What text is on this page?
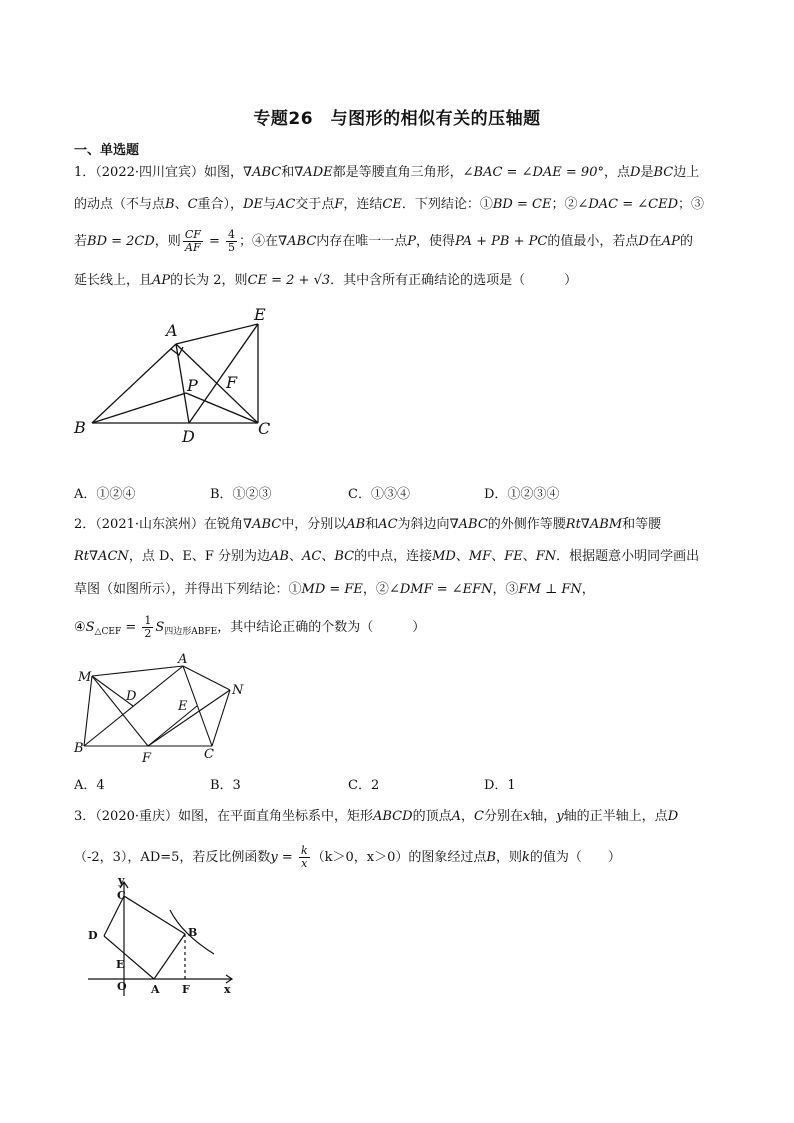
专题26　与图形的相似有关的压轴题
一、单选题
1．（2022·四川宜宾）如图，∇ABC和∇ADE都是等腰直角三角形，∠BAC = ∠DAE = 90°，点D是BC边上
的动点（不与点B、C重合），DE与AC交于点F，连结CE．下列结论：①BD = CE；②∠DAC = ∠CED；③
若BD = 2CD，则 $\frac{CF}{AF} = \frac{4}{5}$ ；④在∇ABC内存在唯一一点P，使得PA + PB + PC的值最小，若点D在AP的
延长线上，且AP的长为 2，则CE = 2 + √3．其中含所有正确结论的选项是（　　　）
A
B	C
D
E
F
P
A．①②④	B．①②③	C．①③④	D．①②③④
2．（2021·山东滨州）在锐角∇ABC中，分别以AB和AC为斜边向∇ABC的外侧作等腰Rt∇ABM和等腰
Rt∇ACN，点 D、E、F 分别为边AB、AC、BC的中点，连接MD、MF、FE、FN．根据题意小明同学画出
草图（如图所示），并得出下列结论：①MD = FE，②∠DMF = ∠EFN，③FM ⊥ FN，
$④S_{\triangle CEF} = \frac{1}{2} S_{四边形ABFE}$，其中结论正确的个数为（　　　）
M
A
N
D
E
B
F	C
A．4	B．3	C．2	D．1
3．（2020·重庆）如图，在平面直角坐标系中，矩形ABCD的顶点A，C分别在x轴，y轴的正半轴上，点D
（-2，3），AD=5，若反比例函数$y = \frac{k}{x} (k>0$，x＞0）的图象经过点B，则k的值为（　　）
y
C
D	B
E
O A F	x
